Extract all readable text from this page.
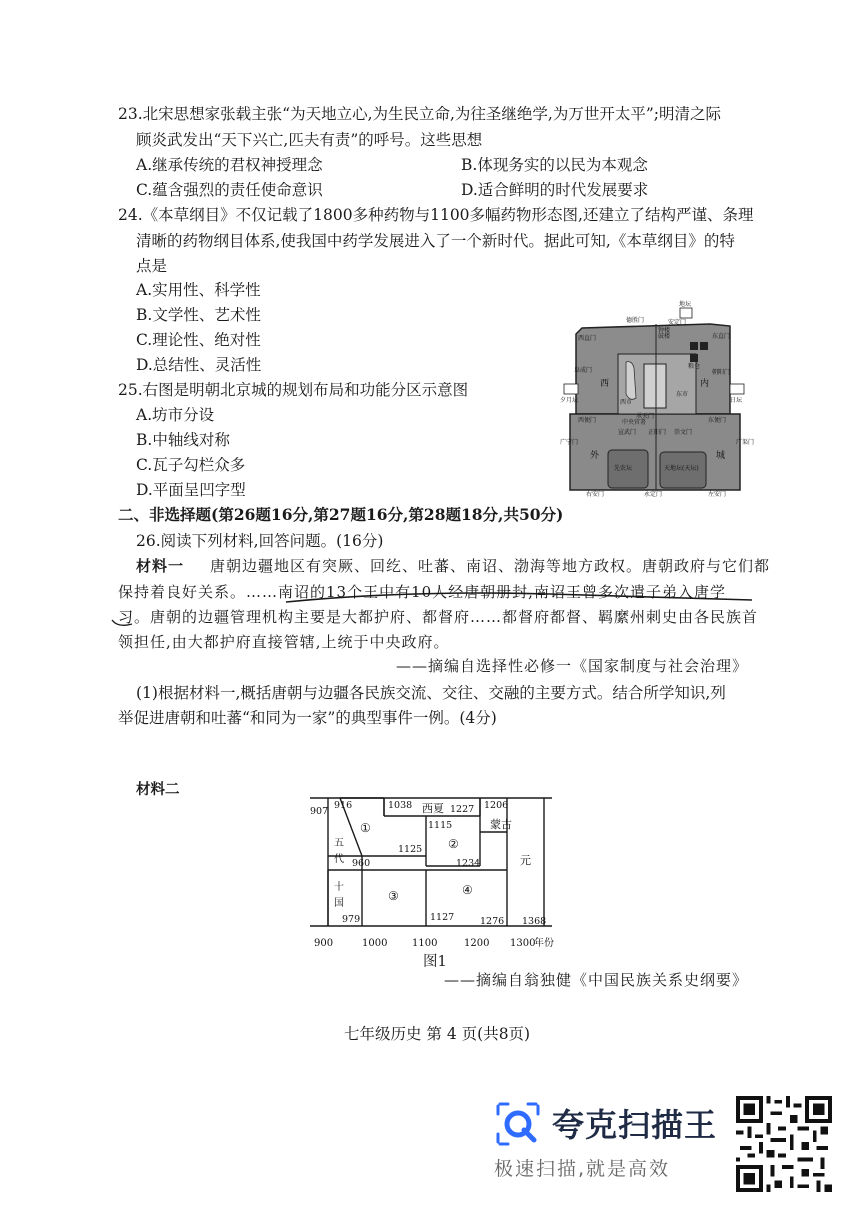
23.北宋思想家张载主张“为天地立心,为生民立命,为往圣继绝学,为万世开太平”;明清之际
顾炎武发出“天下兴亡,匹夫有责”的呼号。这些思想
A.继承传统的君权神授理念	B.体现务实的以民为本观念
C.蕴含强烈的责任使命意识	D.适合鲜明的时代发展要求
24.《本草纲目》不仅记载了1800多种药物与1100多幅药物形态图,还建立了结构严谨、条理
清晰的药物纲目体系,使我国中药学发展进入了一个新时代。据此可知,《本草纲目》的特
点是
A.实用性、科学性
B.文学性、艺术性
C.理论性、绝对性
D.总结性、灵活性
25.右图是明朝北京城的规划布局和功能分区示意图
A.坊市分设
B.中轴线对称
C.瓦子勾栏众多
D.平面呈凹字型
德胜门
地坛
安定门
鼓楼
钟楼
西直门	东直门
阜成门	朝阳门
粮仓
西市
东市
夕月坛	日坛
承天门
中央官署
西便门
宣武门 正阳门 崇文门
东便门
广宁门	广渠门
先农坛	天地坛(天坛)
右安门	永定门	左安门
西	内
外	城
二、非选择题(第26题16分,第27题16分,第28题18分,共50分)
26.阅读下列材料,回答问题。(16分)
材料一 唐朝边疆地区有突厥、回纥、吐蕃、南诏、渤海等地方政权。唐朝政府与它们都
保持着良好关系。……南诏的13个王中有10人经唐朝册封,南诏王曾多次遣子弟入唐学
习。唐朝的边疆管理机构主要是大都护府、都督府……都督府都督、羁縻州刺史由各民族首
领担任,由大都护府直接管辖,上统于中央政府。
——摘编自选择性必修一《国家制度与社会治理》
(1)根据材料一,概括唐朝与边疆各民族交流、交往、交融的主要方式。结合所学知识,列
举促进唐朝和吐蕃“和同为一家”的典型事件一例。(4分)
材料二
907
916	1038	1227 1206
1115
1125
960	1234
979	1127	1276 1368
①
②
③	④
西夏
蒙古
元
五
代
十
国
900	1000 1100	1200 1300
年份
图1
——摘编自翁独健《中国民族关系史纲要》
七年级历史 第 4 页(共8页)
夸克扫描王
极速扫描,就是高效
